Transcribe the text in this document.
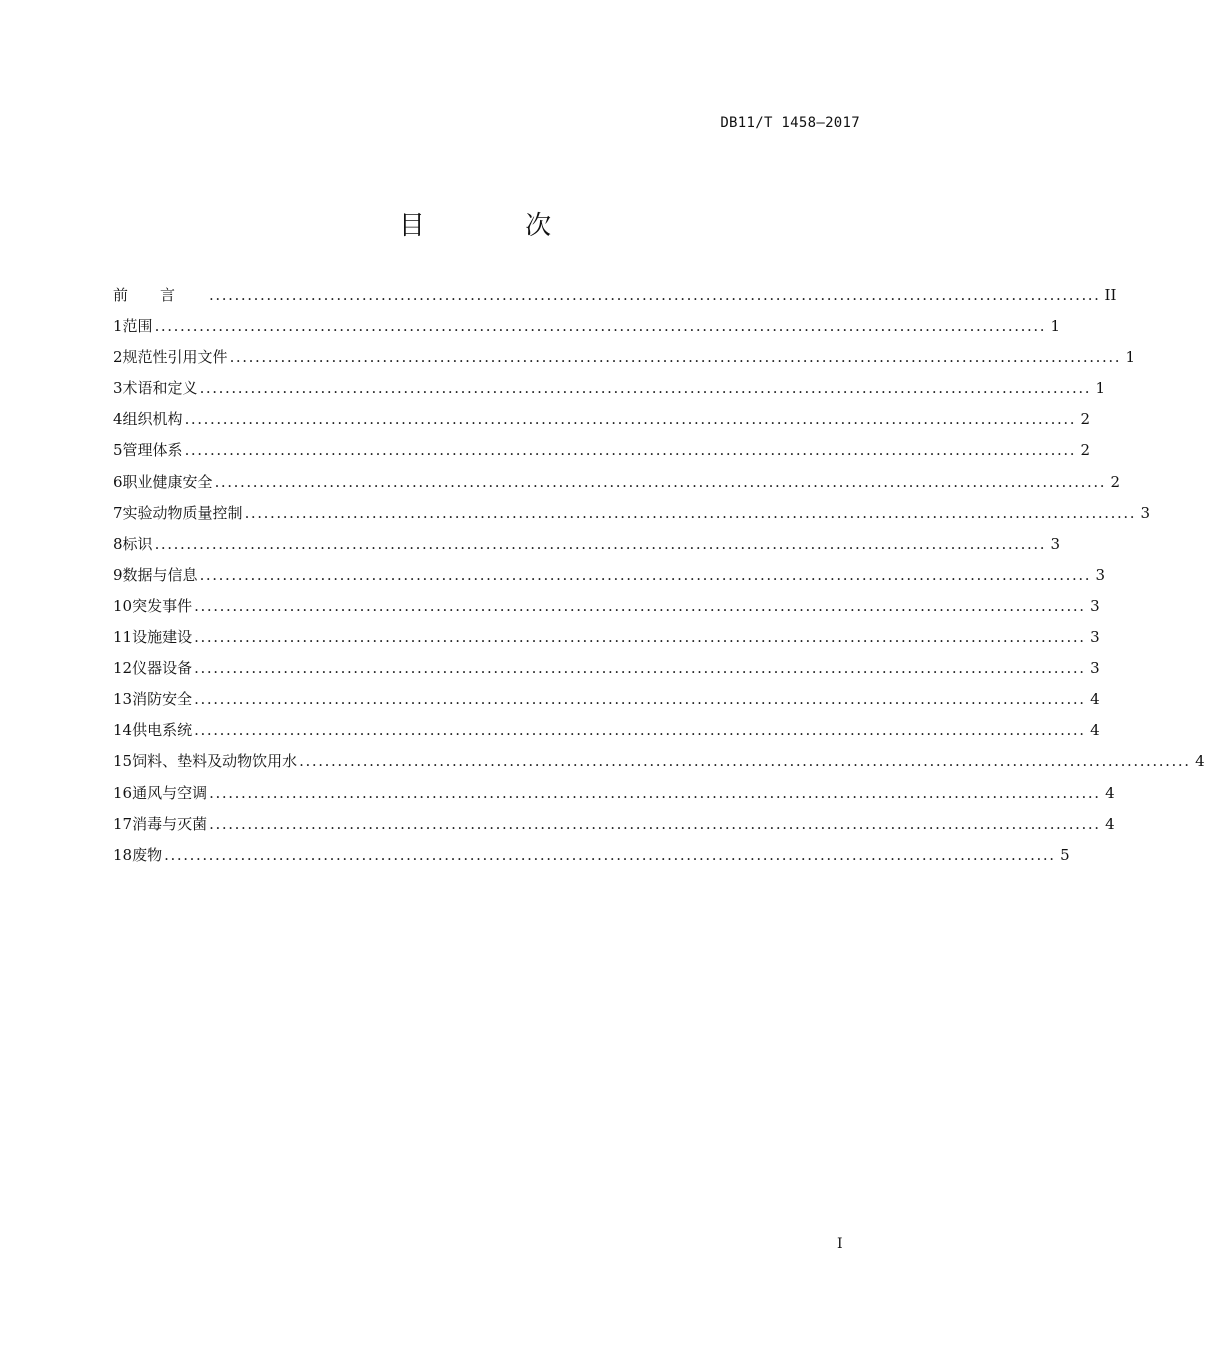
DB11/T 1458—2017
目 次
前言 ............................................................................................................................................ II
1 范围 ............................................................................................................................................ 1
2 规范性引用文件 ............................................................................................................................................ 1
3 术语和定义 ............................................................................................................................................ 1
4 组织机构 ............................................................................................................................................ 2
5 管理体系 ............................................................................................................................................ 2
6 职业健康安全 ............................................................................................................................................ 2
7 实验动物质量控制 ............................................................................................................................................ 3
8 标识 ............................................................................................................................................ 3
9 数据与信息 ............................................................................................................................................ 3
10 突发事件 ............................................................................................................................................ 3
11 设施建设 ............................................................................................................................................ 3
12 仪器设备 ............................................................................................................................................ 3
13 消防安全 ............................................................................................................................................ 4
14 供电系统 ............................................................................................................................................ 4
15 饲料、垫料及动物饮用水 ............................................................................................................................................ 4
16 通风与空调 ............................................................................................................................................ 4
17 消毒与灭菌 ............................................................................................................................................ 4
18 废物 ............................................................................................................................................ 5
I
